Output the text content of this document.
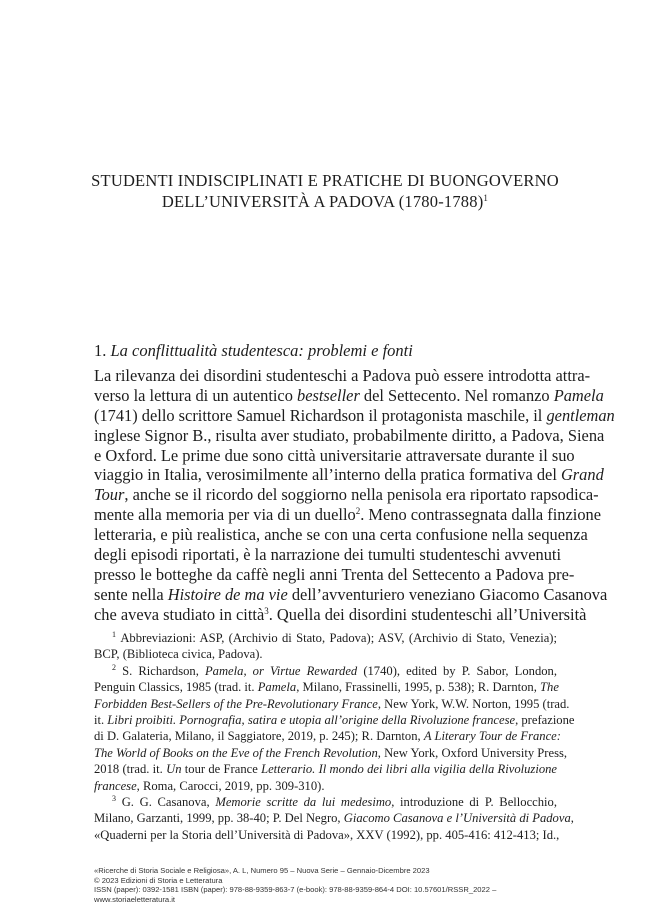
STUDENTI INDISCIPLINATI E PRATICHE DI BUONGOVERNO
DELL’UNIVERSITÀ A PADOVA (1780-1788)$^1$
1. La conflittualità studentesca: problemi e fonti
La rilevanza dei disordini studenteschi a Padova può essere introdotta attra-
verso la lettura di un autentico bestseller del Settecento. Nel romanzo Pamela
(1741) dello scrittore Samuel Richardson il protagonista maschile, il gentleman
inglese Signor B., risulta aver studiato, probabilmente diritto, a Padova, Siena
e Oxford. Le prime due sono città universitarie attraversate durante il suo
viaggio in Italia, verosimilmente all’interno della pratica formativa del Grand
Tour, anche se il ricordo del soggiorno nella penisola era riportato rapsodica-
mente alla memoria per via di un duello$^2$. Meno contrassegnata dalla finzione
letteraria, e più realistica, anche se con una certa confusione nella sequenza
degli episodi riportati, è la narrazione dei tumulti studenteschi avvenuti
presso le botteghe da caffè negli anni Trenta del Settecento a Padova pre-
sente nella Histoire de ma vie dell’avventuriero veneziano Giacomo Casanova
che aveva studiato in città$^3$. Quella dei disordini studenteschi all’Università
$^1$ Abbreviazioni: ASP, (Archivio di Stato, Padova); ASV, (Archivio di Stato, Venezia);
BCP, (Biblioteca civica, Padova).
$^2$ S. Richardson, Pamela, or Virtue Rewarded (1740), edited by P. Sabor, London,
Penguin Classics, 1985 (trad. it. Pamela, Milano, Frassinelli, 1995, p. 538); R. Darnton, The
Forbidden Best-Sellers of the Pre-Revolutionary France, New York, W.W. Norton, 1995 (trad.
it. Libri proibiti. Pornografia, satira e utopia all’origine della Rivoluzione francese, prefazione
di D. Galateria, Milano, il Saggiatore, 2019, p. 245); R. Darnton, A Literary Tour de France:
The World of Books on the Eve of the French Revolution, New York, Oxford University Press,
2018 (trad. it. Un tour de France Letterario. Il mondo dei libri alla vigilia della Rivoluzione
francese, Roma, Carocci, 2019, pp. 309-310).
$^3$ G. G. Casanova, Memorie scritte da lui medesimo, introduzione di P. Bellocchio,
Milano, Garzanti, 1999, pp. 38-40; P. Del Negro, Giacomo Casanova e l’Università di Padova,
«Quaderni per la Storia dell’Università di Padova», XXV (1992), pp. 405-416: 412-413; Id.,
«Ricerche di Storia Sociale e Religiosa», A. L, Numero 95 – Nuova Serie – Gennaio-Dicembre 2023
© 2023 Edizioni di Storia e Letteratura
ISSN (paper): 0392-1581 ISBN (paper): 978-88-9359-863-7 (e-book): 978-88-9359-864-4 DOI: 10.57601/RSSR_2022 –
www.storiaeletteratura.it
